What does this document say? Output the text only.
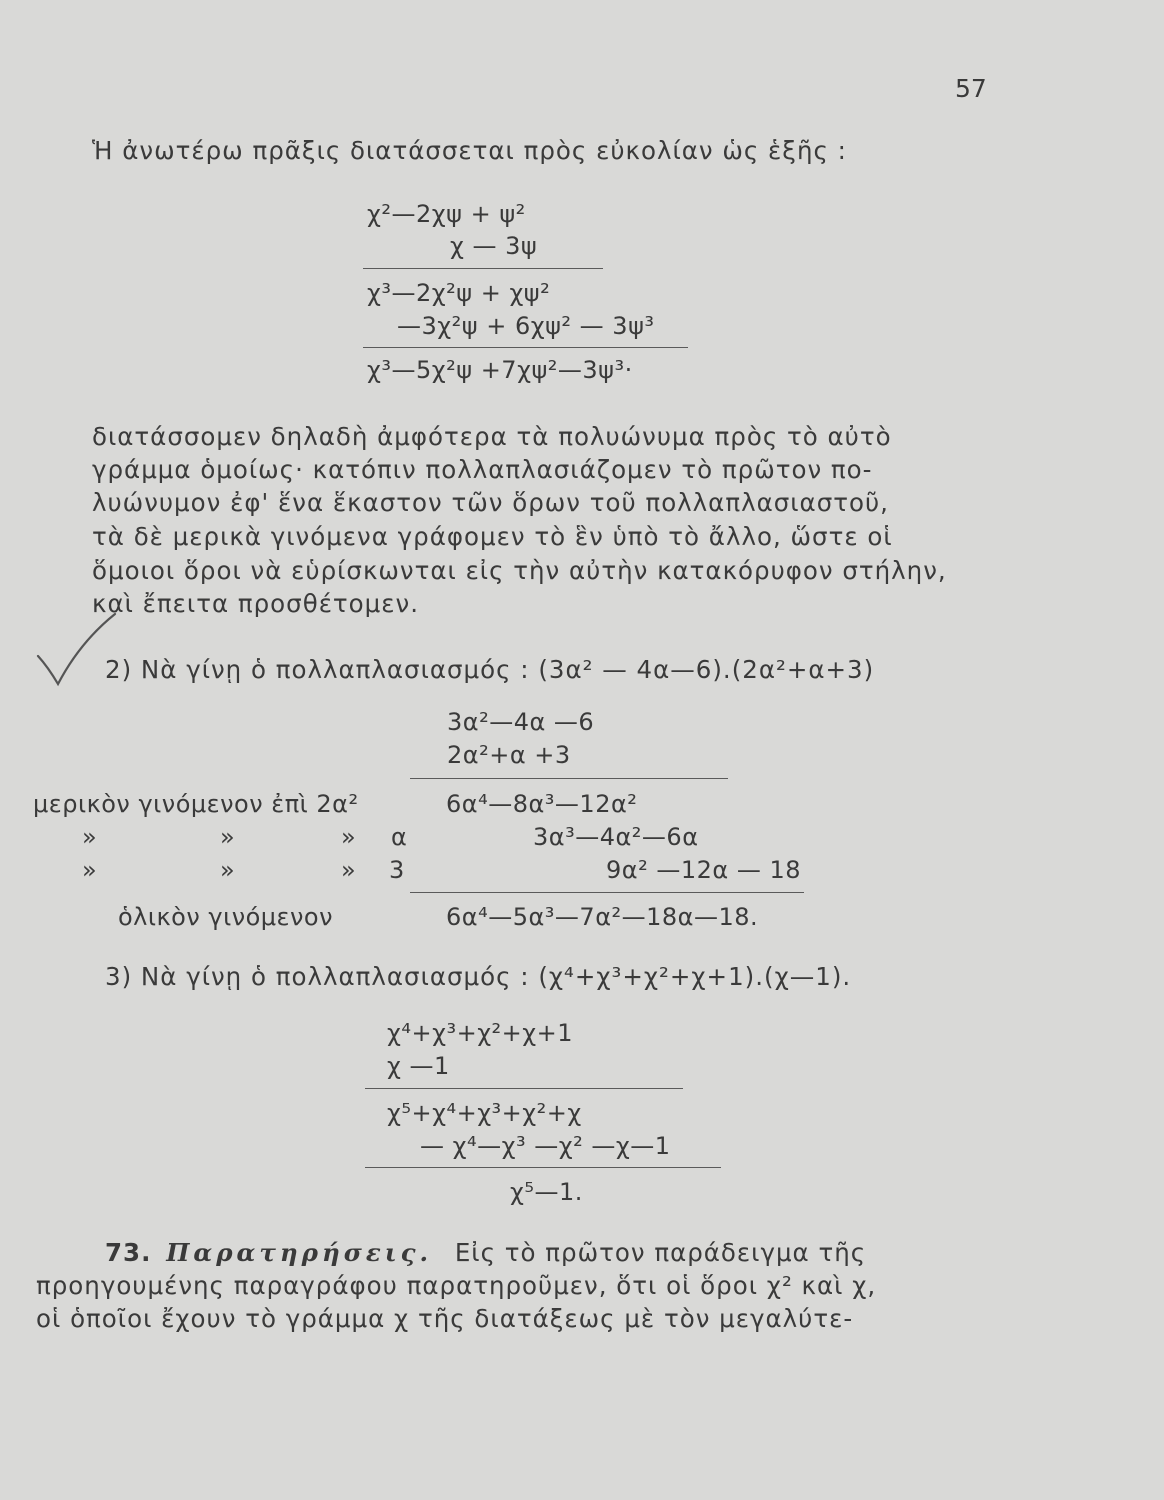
57
Ἡ ἀνωτέρω πρᾶξις διατάσσεται πρὸς εὐκολίαν ὡς ἑξῆς :
χ²—2χψ + ψ²
χ — 3ψ
χ³—2χ²ψ + χψ²
—3χ²ψ + 6χψ² — 3ψ³
χ³—5χ²ψ +7χψ²—3ψ³·
διατάσσομεν δηλαδὴ ἀμφότερα τὰ πολυώνυμα πρὸς τὸ αὐτὸ
γράμμα ὁμοίως· κατόπιν πολλαπλασιάζομεν τὸ πρῶτον πο-
λυώνυμον ἐφ' ἕνα ἕκαστον τῶν ὅρων τοῦ πολλαπλασιαστοῦ,
τὰ δὲ μερικὰ γινόμενα γράφομεν τὸ ἓν ὑπὸ τὸ ἄλλο, ὥστε οἱ
ὅμοιοι ὅροι νὰ εὑρίσκωνται εἰς τὴν αὐτὴν κατακόρυφον στήλην,
καὶ ἔπειτα προσθέτομεν.
2) Νὰ γίνῃ ὁ πολλαπλασιασμός : (3α² — 4α—6).(2α²+α+3)
3α²—4α —6
2α²+α +3
μερικὸν γινόμενον ἐπὶ 2α²	6α⁴—8α³—12α²
»	»	» α	3α³—4α²—6α
»	»	» 3	9α² —12α — 18
ὁλικὸν γινόμενον	6α⁴—5α³—7α²—18α—18.
3) Νὰ γίνῃ ὁ πολλαπλασιασμός : (χ⁴+χ³+χ²+χ+1).(χ—1).
χ⁴+χ³+χ²+χ+1
χ —1
χ⁵+χ⁴+χ³+χ²+χ
— χ⁴—χ³ —χ² —χ—1
χ⁵—1.
73. Παρατηρήσεις. Εἰς τὸ πρῶτον παράδειγμα τῆς
προηγουμένης παραγράφου παρατηροῦμεν, ὅτι οἱ ὅροι χ² καὶ χ,
οἱ ὁποῖοι ἔχουν τὸ γράμμα χ τῆς διατάξεως μὲ τὸν μεγαλύτε-
